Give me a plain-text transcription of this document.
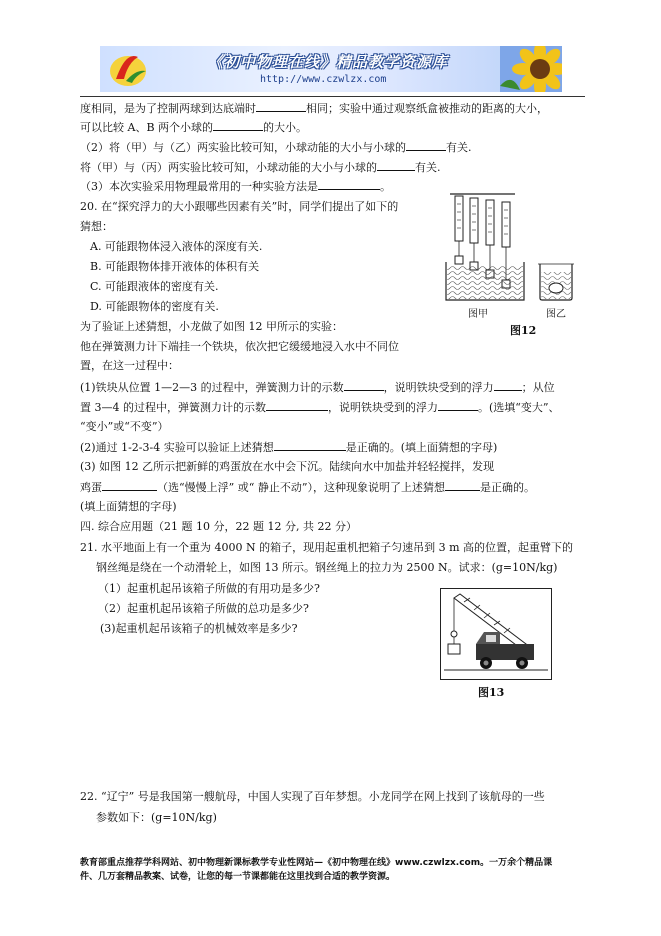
《初中物理在线》精品教学资源库
http://www.czwlzx.com
度相同，是为了控制两球到达底端时	相同；实验中通过观察纸盒被推动的距离的大小，
可以比较 A、B 两个小球的	的大小。
（2）将（甲）与（乙）两实验比较可知，小球动能的大小与小球的	有关.
将（甲）与（丙）两实验比较可知，小球动能的大小与小球的	有关.
（3）本次实验采用物理最常用的一种实验方法是	。
20. 在“探究浮力的大小跟哪些因素有关”时，同学们提出了如下的
猜想：
A. 可能跟物体浸入液体的深度有关.
B. 可能跟物体排开液体的体积有关
C. 可能跟液体的密度有关.
D. 可能跟物体的密度有关.
为了验证上述猜想，小龙做了如图 12 甲所示的实验：
他在弹簧测力计下端挂一个铁块，依次把它缓缓地浸入水中不同位
置，在这一过程中：
(1)铁块从位置 1—2—3 的过程中，弹簧测力计的示数	，说明铁块受到的浮力	；从位
置 3—4 的过程中，弹簧测力计的示数	，说明铁块受到的浮力	。(选填“变大”、
“变小”或“不变”）
(2)通过 1-2-3-4 实验可以验证上述猜想	是正确的。(填上面猜想的字母)
(3) 如图 12 乙所示把新鲜的鸡蛋放在水中会下沉。陆续向水中加盐并轻轻搅拌，发现
鸡蛋	（选“慢慢上浮” 或“ 静止不动”），这种现象说明了上述猜想	是正确的。
(填上面猜想的字母)
图甲	图乙
图12
四. 综合应用题（21 题 10 分，22 题 12 分, 共 22 分）
21. 水平地面上有一个重为 4000 N 的箱子，现用起重机把箱子匀速吊到 3 m 高的位置，起重臂下的
钢丝绳是绕在一个动滑轮上，如图 13 所示。钢丝绳上的拉力为 2500 N。试求：(g=10N/kg)
（1）起重机起吊该箱子所做的有用功是多少?
（2）起重机起吊该箱子所做的总功是多少?
(3)起重机起吊该箱子的机械效率是多少?
图13
22. “辽宁” 号是我国第一艘航母，中国人实现了百年梦想。小龙同学在网上找到了该航母的一些
参数如下：(g=10N/kg)
教育部重点推荐学科网站、初中物理新课标教学专业性网站—《初中物理在线》www.czwlzx.com。一万余个精品课
件、几万套精品教案、试卷，让您的每一节课都能在这里找到合适的教学资源。
